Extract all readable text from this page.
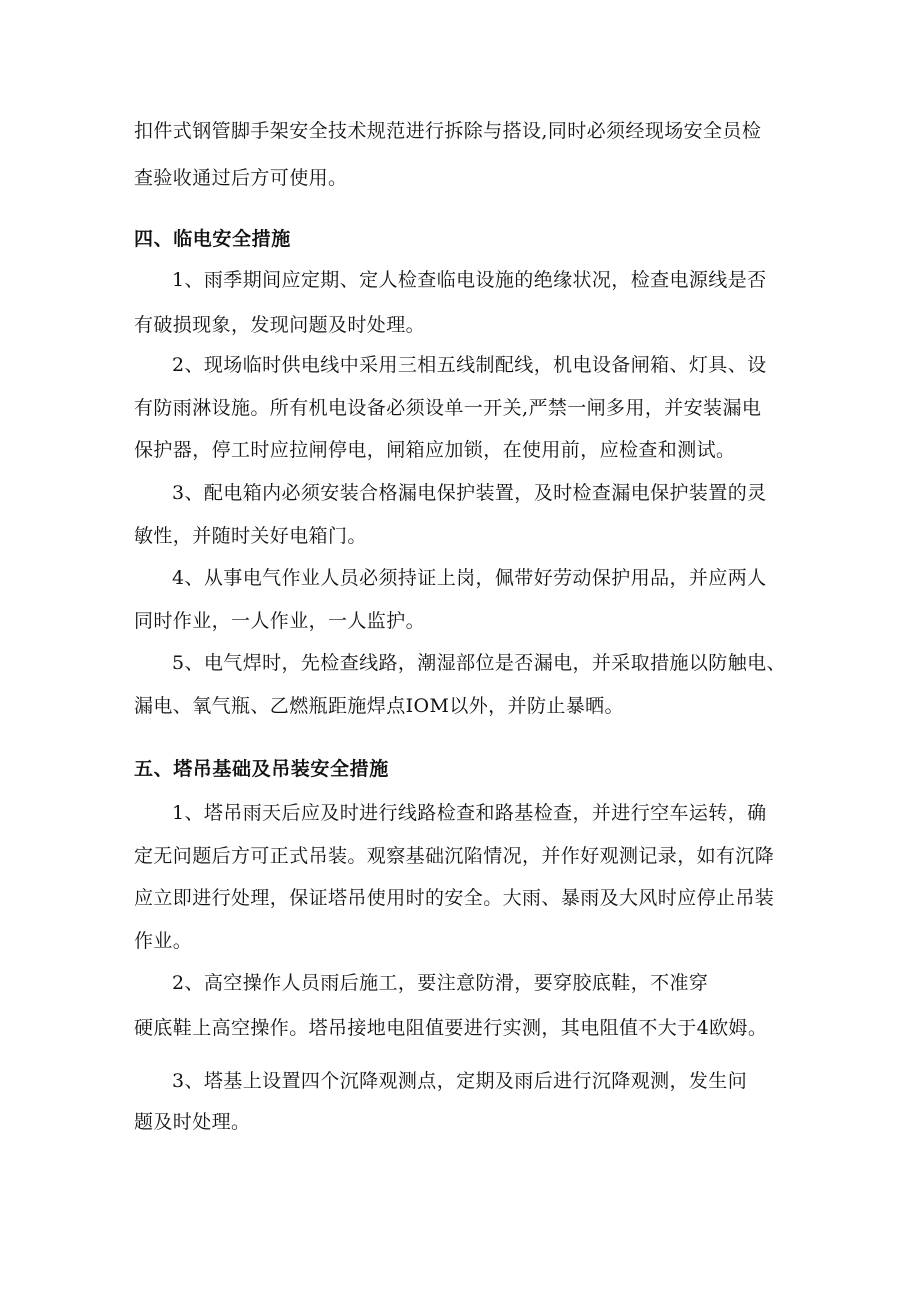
扣件式钢管脚手架安全技术规范进行拆除与搭设,同时必须经现场安全员检
查验收通过后方可使用。
四、临电安全措施
1、雨季期间应定期、定人检查临电设施的绝缘状况，检查电源线是否
有破损现象，发现问题及时处理。
2、现场临时供电线中采用三相五线制配线，机电设备闸箱、灯具、设
有防雨淋设施。所有机电设备必须设单一开关,严禁一闸多用，并安装漏电
保护器，停工时应拉闸停电，闸箱应加锁，在使用前，应检查和测试。
3、配电箱内必须安装合格漏电保护装置，及时检查漏电保护装置的灵
敏性，并随时关好电箱门。
4、从事电气作业人员必须持证上岗，佩带好劳动保护用品，并应两人
同时作业，一人作业，一人监护。
5、电气焊时，先检查线路，潮湿部位是否漏电，并采取措施以防触电、
漏电、氧气瓶、乙燃瓶距施焊点IOM以外，并防止暴晒。
五、塔吊基础及吊装安全措施
1、塔吊雨天后应及时进行线路检查和路基检查，并进行空车运转，确
定无问题后方可正式吊装。观察基础沉陷情况，并作好观测记录，如有沉降
应立即进行处理，保证塔吊使用时的安全。大雨、暴雨及大风时应停止吊装
作业。
2、高空操作人员雨后施工，要注意防滑，要穿胶底鞋，不准穿
硬底鞋上高空操作。塔吊接地电阻值要进行实测，其电阻值不大于4欧姆。
3、塔基上设置四个沉降观测点，定期及雨后进行沉降观测，发生问
题及时处理。
